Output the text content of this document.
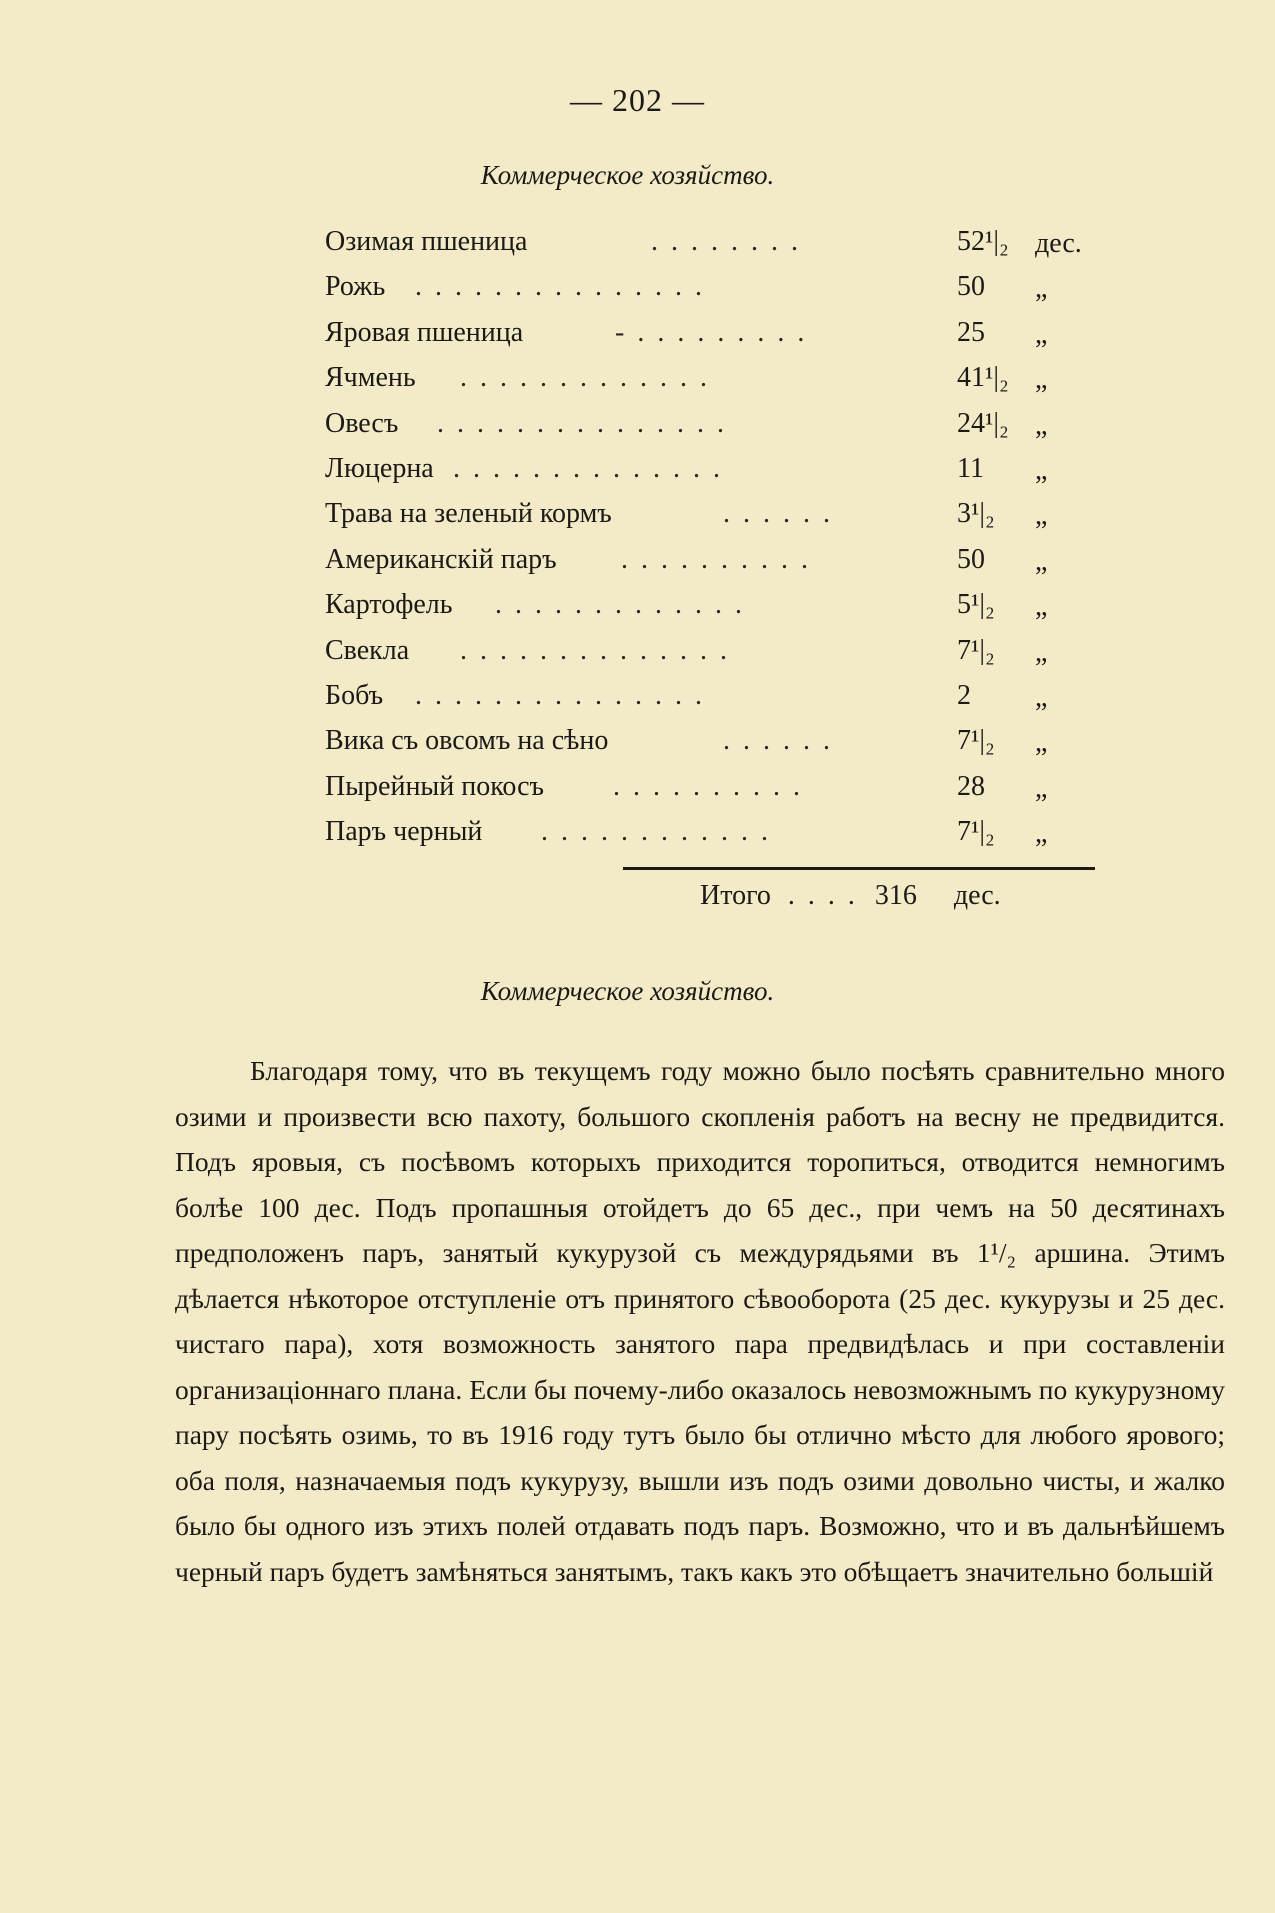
— 202 —
Коммерческое хозяйство.
Озимая пшеница	. . . . . . . .	52¹|₂ дес.
Рожь . . . . . . . . . . . . . . .	50 „
Яровая пшеница	- . . . . . . . . .	25 „
Ячмень . . . . . . . . . . . . .	41¹|₂ „
Овесъ . . . . . . . . . . . . . . .	24¹|₂ „
Люцерна . . . . . . . . . . . . . .	11 „
Трава на зеленый кормъ	. . . . . .	3¹|₂ „
Американскій паръ . . . . . . . . . .	50 „
Картофель . . . . . . . . . . . . .	5¹|₂ „
Свекла . . . . . . . . . . . . . .	7¹|₂ „
Бобъ . . . . . . . . . . . . . . .	2 „
Вика съ овсомъ на сѣно	. . . . . .	7¹|₂ „
Пырейный покосъ . . . . . . . . . .	28 „
Паръ черный . . . . . . . . . . . .	7¹|₂ „
Итого . . . . 316 дес.
Коммерческое хозяйство.

Благодаря тому, что въ текущемъ году можно было посѣять сравнительно много озими и произвести всю пахоту, большого скопленія работъ на весну не предвидится. Подъ яровыя, съ посѣвомъ которыхъ приходится торопиться, отводится немногимъ болѣе 100 дес. Подъ пропашныя отойдетъ до 65 дес., при чемъ на 50 десятинахъ предположенъ паръ, занятый кукурузой съ междурядьями въ 1¹/₂ аршина. Этимъ дѣлается нѣкоторое отступленіе отъ принятого сѣвооборота (25 дес. кукурузы и 25 дес. чистаго пара), хотя возможность занятого пара предвидѣлась и при составленіи организаціоннаго плана. Если бы почему-либо оказалось невозможнымъ по кукурузному пару посѣять озимь, то въ 1916 году тутъ было бы отлично мѣсто для любого ярового; оба поля, назначаемыя подъ кукурузу, вышли изъ подъ озими довольно чисты, и жалко было бы одного изъ этихъ полей отдавать подъ паръ. Возможно, что и въ дальнѣйшемъ черный паръ будетъ замѣняться занятымъ, такъ какъ это обѣщаетъ значительно большій
